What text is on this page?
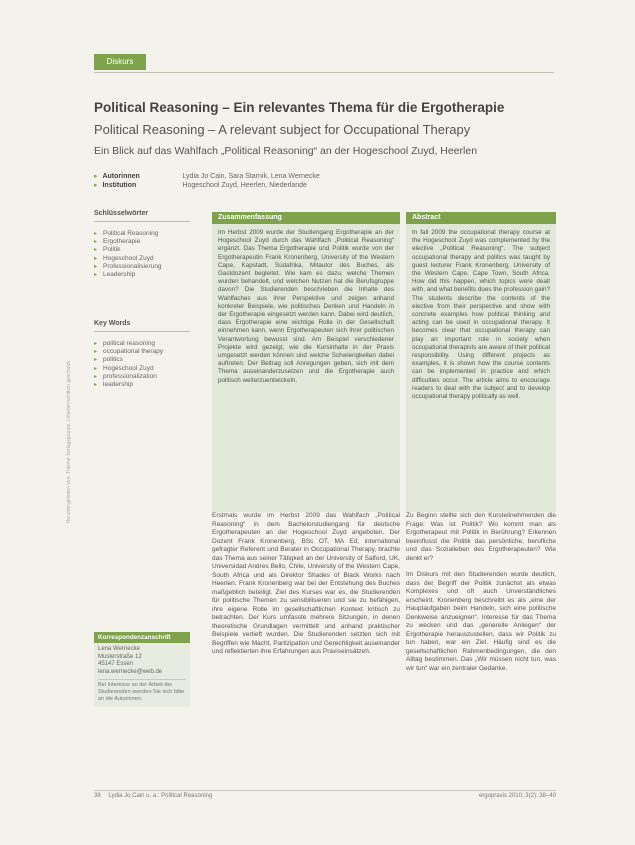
Diskurs
Political Reasoning – Ein relevantes Thema für die Ergotherapie
Political Reasoning – A relevant subject for Occupational Therapy
Ein Blick auf das Wahlfach „Political Reasoning“ an der Hogeschool Zuyd, Heerlen
▸ Autorinnen	Lydia Jo Cain, Sara Starnik, Lena Wernecke
▸ Institution	Hogeschool Zuyd, Heerlen, Niederlande
Schlüsselwörter
▸ Political Reasoning
▸ Ergotherapie
▸ Politik
▸ Hogeschool Zuyd
▸ Professionalisierung
▸ Leadership
Key Words
▸ political reasoning
▸ occupational therapy
▸ politics
▸ Hogeschool Zuyd
▸ professionalization
▸ leadership
Zusammenfassung
Im Herbst 2009 wurde der Studiengang Ergotherapie an der Hogeschool Zuyd durch das Wahlfach „Political Reasoning“ ergänzt. Das Thema Ergotherapie und Politik wurde von der Ergotherapeutin Frank Kronenberg, University of the Western Cape, Kapstadt, Südafrika, Mitautor des Buches, als Gastdozent begleitet. Wie kam es dazu, welche Themen wurden behandelt, und welchen Nutzen hat die Berufsgruppe davon? Die Studierenden beschrieben die Inhalte des Wahlfaches aus ihrer Perspektive und zeigen anhand konkreter Beispiele, wie politisches Denken und Handeln in der Ergotherapie eingesetzt werden kann. Dabei wird deutlich, dass Ergotherapie eine wichtige Rolle in der Gesellschaft einnehmen kann, wenn Ergotherapeuten sich ihrer politischen Verantwortung bewusst sind. Am Beispiel verschiedener Projekte wird gezeigt, wie die Kursinhalte in der Praxis umgesetzt werden können und welche Schwierigkeiten dabei auftreten. Der Beitrag soll Anregungen geben, sich mit dem Thema auseinanderzusetzen und die Ergotherapie auch politisch weiterzuentwickeln.
Abstract
In fall 2009 the occupational therapy course at the Hogeschool Zuyd was complemented by the elective „Political Reasoning“. The subject occupational therapy and politics was taught by guest lecturer Frank Kronenberg, University of the Western Cape, Cape Town, South Africa. How did this happen, which topics were dealt with, and what benefits does the profession gain? The students describe the contents of the elective from their perspective and show with concrete examples how political thinking and acting can be used in occupational therapy. It becomes clear that occupational therapy can play an important role in society when occupational therapists are aware of their political responsibility. Using different projects as examples, it is shown how the course contents can be implemented in practice and which difficulties occur. The article aims to encourage readers to deal with the subject and to develop occupational therapy politically as well.
Erstmals wurde im Herbst 2009 das Wahlfach „Political Reasoning“ in dem Bachelorstudiengang für deutsche Ergotherapeuten an der Hogeschool Zuyd angeboten. Der Dozent Frank Kronenberg, BSc OT, MA Ed, international gefragter Referent und Berater in Occupational Therapy, brachte das Thema aus seiner Tätigkeit an der University of Salford, UK, Universidad Andres Bello, Chile, University of the Western Cape, South Africa und als Direktor Shades of Black Works nach Heerlen. Frank Kronenberg war bei der Entstehung des Buches maßgeblich beteiligt. Ziel des Kurses war es, die Studierenden für politische Themen zu sensibilisieren und sie zu befähigen, ihre eigene Rolle im gesellschaftlichen Kontext kritisch zu betrachten. Der Kurs umfasste mehrere Sitzungen, in denen theoretische Grundlagen vermittelt und anhand praktischer Beispiele vertieft wurden. Die Studierenden setzten sich mit Begriffen wie Macht, Partizipation und Gerechtigkeit auseinander und reflektierten ihre Erfahrungen aus Praxiseinsätzen.
Zu Beginn stellte sich den Kursteilnehmenden die Frage: Was ist Politik? Wo kommt man als Ergotherapeut mit Politik in Berührung? Erkennen beeinflusst die Politik das persönliche, berufliche und das Sozialleben des Ergotherapeuten? Wie denkt er?
Im Diskurs mit den Studierenden wurde deutlich, dass der Begriff der Politik zunächst als etwas Komplexes und oft auch Unverständliches erscheint. Kronenberg beschreibt es als „eine der Hauptaufgaben beim Handeln, sich eine politische Denkweise anzueignen“. Interesse für das Thema zu wecken und das „generelle Anliegen“ der Ergotherapie herauszustellen, dass wir Politik zu tun haben, war ein Ziel. Häufig sind es die gesellschaftlichen Rahmenbedingungen, die den Alltag bestimmen. Das „Wir müssen nicht tun, was wir tun“ war ein zentraler Gedanke.
Korrespondenzanschrift
Lena Wernecke
Musterstraße 12
45147 Essen
lena.wernecke@web.de
Bei Interesse an der Arbeit der Studierenden wenden Sie sich bitte an die Autorinnen.
38 Lydia Jo Cain u. a.: Political Reasoning	ergopraxis 2010; 3(2): 38–40
Heruntergeladen von: Thieme Verlagsgruppe. Urheberrechtlich geschützt.
